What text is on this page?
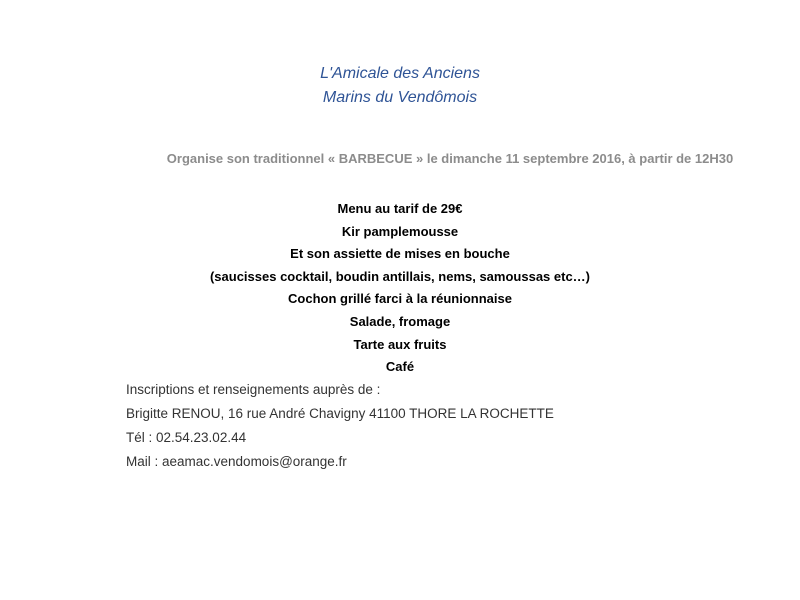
L'Amicale des Anciens
Marins du Vendômois
Organise son traditionnel « BARBECUE » le dimanche 11 septembre 2016, à partir de 12H30
Menu au tarif de 29€
Kir pamplemousse
Et son assiette de mises en bouche
(saucisses cocktail, boudin antillais, nems, samoussas etc…)
Cochon grillé farci à la réunionnaise
Salade, fromage
Tarte aux fruits
Café
Inscriptions et renseignements auprès de :
Brigitte RENOU, 16 rue André Chavigny 41100 THORE LA ROCHETTE
Tél : 02.54.23.02.44
Mail : aeamac.vendomois@orange.fr
